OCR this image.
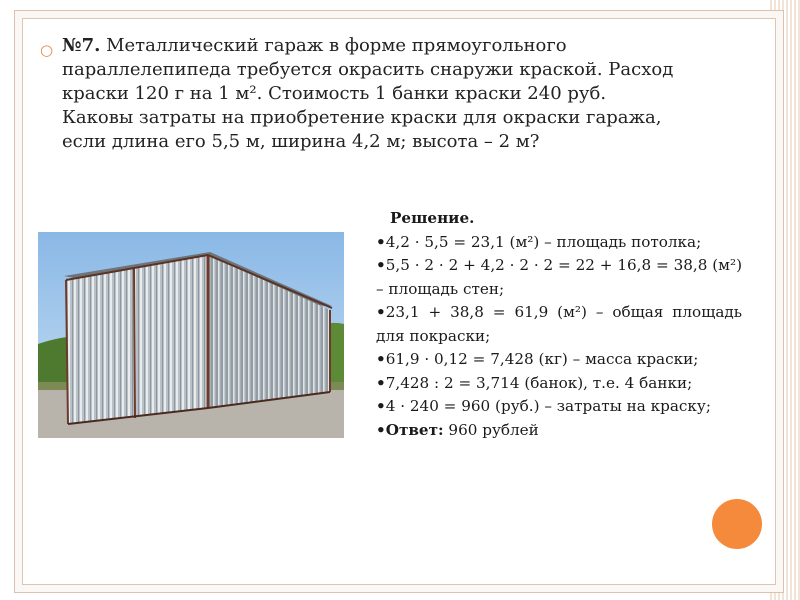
○ №7. Металлический гараж в форме прямоугольного параллелепипеда требуется окрасить снаружи краской. Расход краски 120 г на 1 м². Стоимость 1 банки краски 240 руб. Каковы затраты на приобретение краски для окраски гаража, если длина его 5,5 м, ширина 4,2 м; высота – 2 м?
Решение.
•4,2 · 5,5 = 23,1 (м²) – площадь потолка;
•5,5 · 2 · 2 + 4,2 · 2 · 2 = 22 + 16,8 = 38,8 (м²) – площадь стен;
•23,1 + 38,8 = 61,9 (м²) – общая площадь для покраски;
•61,9 · 0,12 = 7,428 (кг) – масса краски;
•7,428 : 2 = 3,714 (банок), т.е. 4 банки;
•4 · 240 = 960 (руб.) – затраты на краску;
•Ответ: 960 рублей
